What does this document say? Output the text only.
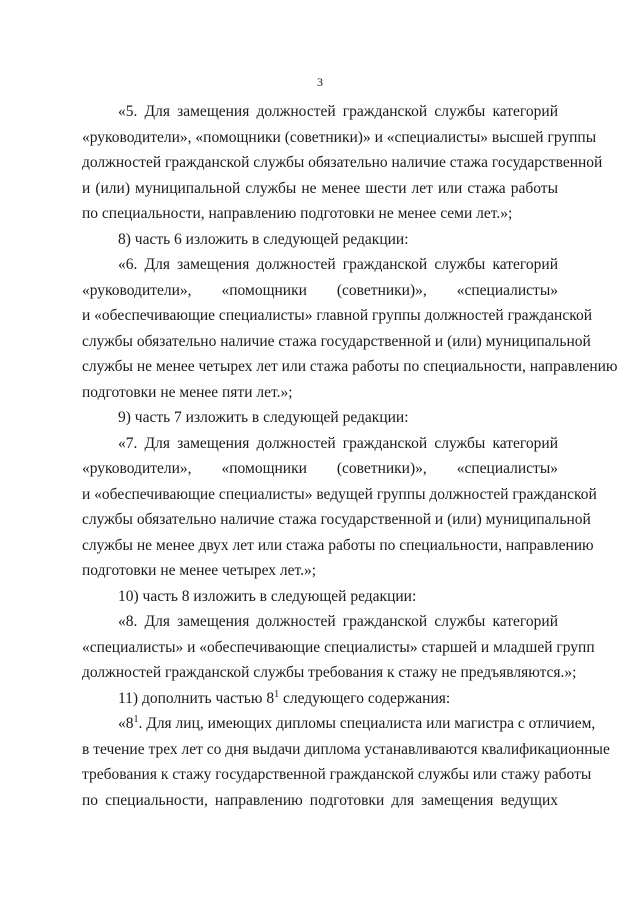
3
«5. Для замещения должностей гражданской службы категорий
«руководители», «помощники (советники)» и «специалисты» высшей группы
должностей гражданской службы обязательно наличие стажа государственной
и (или) муниципальной службы не менее шести лет или стажа работы
по специальности, направлению подготовки не менее семи лет.»;
8) часть 6 изложить в следующей редакции:
«6. Для замещения должностей гражданской службы категорий
«руководители», «помощники (советники)», «специалисты»
и «обеспечивающие специалисты» главной группы должностей гражданской
службы обязательно наличие стажа государственной и (или) муниципальной
службы не менее четырех лет или стажа работы по специальности, направлению
подготовки не менее пяти лет.»;
9) часть 7 изложить в следующей редакции:
«7. Для замещения должностей гражданской службы категорий
«руководители», «помощники (советники)», «специалисты»
и «обеспечивающие специалисты» ведущей группы должностей гражданской
службы обязательно наличие стажа государственной и (или) муниципальной
службы не менее двух лет или стажа работы по специальности, направлению
подготовки не менее четырех лет.»;
10) часть 8 изложить в следующей редакции:
«8. Для замещения должностей гражданской службы категорий
«специалисты» и «обеспечивающие специалисты» старшей и младшей групп
должностей гражданской службы требования к стажу не предъявляются.»;
11) дополнить частью $8^1$ следующего содержания:
«$8^1$. Для лиц, имеющих дипломы специалиста или магистра с отличием,
в течение трех лет со дня выдачи диплома устанавливаются квалификационные
требования к стажу государственной гражданской службы или стажу работы
по специальности, направлению подготовки для замещения ведущих
